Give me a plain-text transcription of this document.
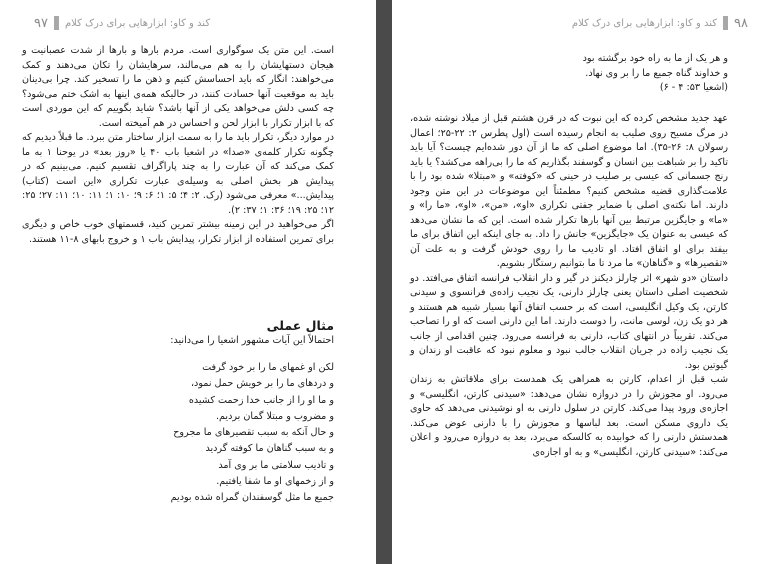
۹۷ کند و کاو: ابزارهایی برای درک کلام

است. این متن یک سوگواری است. مردم بارها و بارها از شدت عصبانیت و هیجان دستهایشان را به هم می‌مالند، سرهایشان را تکان می‌دهند و کمک می‌خواهند: انگار که باید احساسش کنیم و ذهن ما را تسخیر کند. چرا بی‌دینان باید به موقعیت آنها حسادت کنند، در حالیکه همه‌ی اینها به اشک ختم می‌شود؟ چه کسی دلش می‌خواهد یکی از آنها باشد؟ شاید بگوییم که این موردی است که با ابزار تکرار با ابزار لحن و احساس در هم آمیخته است.

در موارد دیگر، تکرار باید ما را به سمت ابزار ساختار متن ببرد. ما قبلاً دیدیم که چگونه تکرار کلمه‌ی «صدا» در اشعیا باب ۴۰ یا «روز بعد» در یوحنا ۱ به ما کمک می‌کند که آن عبارت را به چند پاراگراف تقسیم کنیم. می‌بینیم که در پیدایش هر بخش اصلی به وسیله‌ی عبارت تکراری «این است (کتاب) پیدایش...» معرفی می‌شود (رک. ۲: ۴؛ ۵: ۱؛ ۶: ۹؛ ۱۰: ۱؛ ۱۱: ۱۰؛ ۱۱: ۲۷؛ ۲۵: ۱۲؛ ۲۵: ۱۹؛ ۳۶: ۱؛ ۳۷: ۲).

اگر می‌خواهید در این زمینه بیشتر تمرین کنید، قسمتهای خوب خاص و دیگری برای تمرین استفاده از ابزار تکرار، پیدایش باب ۱ و خروج بابهای ۸-۱۱ هستند.

مثال عملی

احتمالاً این آیات مشهور اشعیا را می‌دانید:

لکن او غمهای ما را بر خود گرفت

و دردهای ما را بر خویش حمل نمود،

و ما او را از جانب خدا زحمت کشیده

و مضروب و مبتلا گمان بردیم.

و حال آنکه به سبب تقصیرهای ما مجروح

و به سبب گناهان ما کوفته گردید

و تادیب سلامتی ما بر وی آمد

و از زخمهای او ما شفا یافتیم.

جمیع ما مثل گوسفندان گمراه شده بودیم

۹۸
کند و کاو: ابزارهایی برای درک کلام

و هر یک از ما به راه خود برگشته بود

و خداوند گناه جمیع ما را بر وی نهاد.

(اشعیا ۵۳: ۴ - ۶)

عهد جدید مشخص کرده که این نبوت که در قرن هشتم قبل از میلاد نوشته شده، در مرگ مسیح روی صلیب به انجام رسیده است (اول پطرس ۲: ۲۲-۲۵؛ اعمال رسولان ۸: ۲۶-۳۵). اما موضوع اصلی که ما از آن دور شده‌ایم چیست؟ آیا باید تاکید را بر شباهت بین انسان و گوسفند بگذاریم که ما را بی‌راهه می‌کشد؟ یا باید رنج جسمانی که عیسی بر صلیب در حینی که «کوفته» و «مبتلا» شده بود را با علامت‌گذاری قضیه مشخص کنیم؟ مطمئناً این موضوعات در این متن وجود دارند. اما نکته‌ی اصلی با ضمایر جفتی تکراری «او»، «من»، «او»، «ما را» و «ما» و جایگزین مرتبط بین آنها بارها تکرار شده است. این که ما نشان می‌دهد که عیسی به عنوان یک «جایگزین» جانش را داد. به جای اینکه این اتفاق برای ما بیفتد برای او اتفاق افتاد. او تادیب ما را روی خودش گرفت و به علت آن «تقصیرها» و «گناهان» ما مرد تا ما بتوانیم رستگار بشویم.

داستان «دو شهر» اثر چارلز دیکنز در گیر و دار انقلاب فرانسه اتفاق می‌افتد. دو شخصیت اصلی داستان یعنی چارلز دارنی، یک نجیب زاده‌ی فرانسوی و سیدنی کارتن، یک وکیل انگلیسی، است که بر حسب اتفاق آنها بسیار شبیه هم هستند و هر دو یک زن، لوسی مانت، را دوست دارند. اما این دارنی است که او را تصاحب می‌کند. تقریباً در انتهای کتاب، دارنی به فرانسه می‌رود. چنین اقدامی از جانب یک نجیب زاده در جریان انقلاب جالب نبود و معلوم نبود که عاقبت او زندان و گیوتین بود.

شب قبل از اعدام، کارتن به همراهی یک همدست برای ملاقاتش به زندان می‌رود. او مجوزش را در دروازه نشان می‌دهد: «سیدنی کارتن، انگلیسی» و اجازه‌ی ورود پیدا می‌کند. کارتن در سلول دارنی به او نوشیدنی می‌دهد که حاوی یک داروی مسکن است. بعد لباسها و مجوزش را با دارنی عوض می‌کند. همدستش دارنی را که خوابیده به کالسکه می‌برد، بعد به دروازه می‌رود و اعلان می‌کند: «سیدنی کارتن، انگلیسی» و به او اجازه‌ی
